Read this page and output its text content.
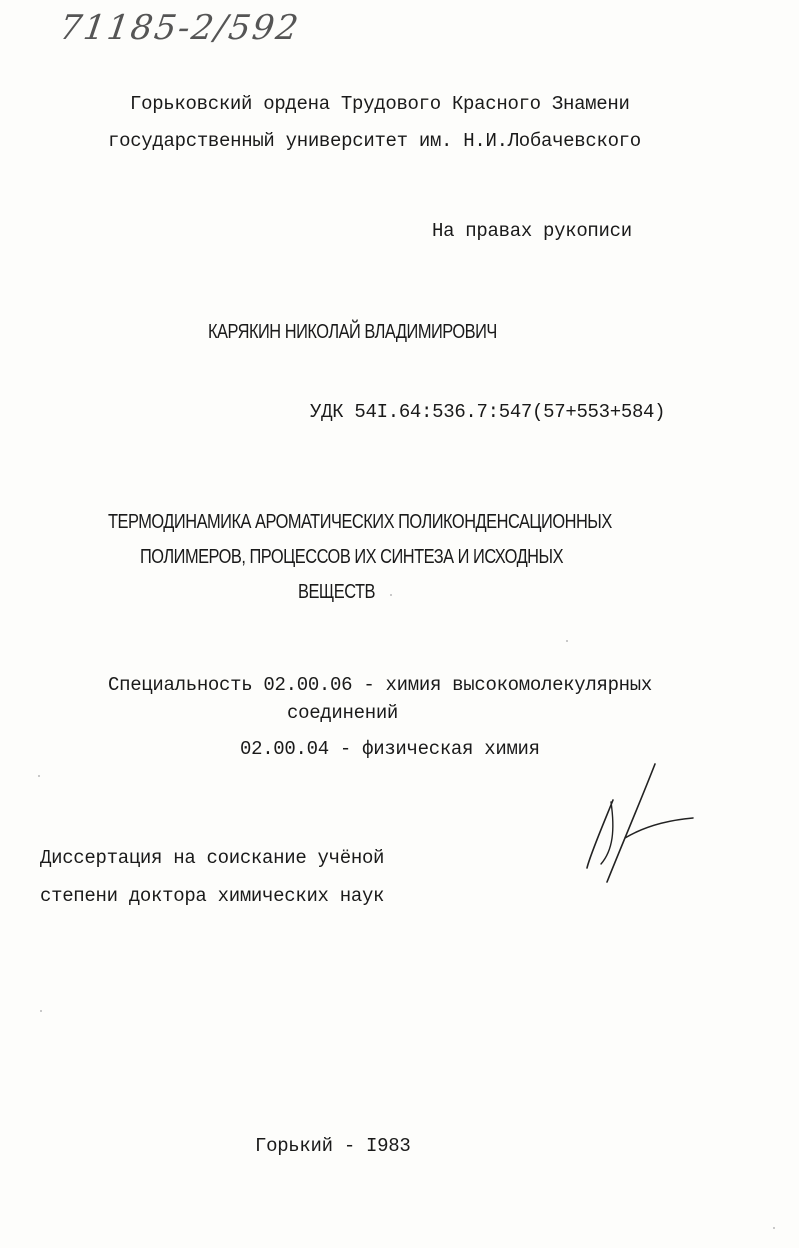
71185-2/592
Горьковский ордена Трудового Красного Знамени
государственный университет им. Н.И.Лобачевского
На правах рукописи
КАРЯКИН НИКОЛАЙ ВЛАДИМИРОВИЧ
УДК 54I.64:536.7:547(57+553+584)
ТЕРМОДИНАМИКА АРОМАТИЧЕСКИХ ПОЛИКОНДЕНСАЦИОННЫХ
ПОЛИМЕРОВ, ПРОЦЕССОВ ИХ СИНТЕЗА И ИСХОДНЫХ
ВЕЩЕСТВ
Специальность 02.00.06 - химия высокомолекулярных
соединений
02.00.04 - физическая химия
Диссертация на соискание учёной
степени доктора химических наук
Горький - I983
